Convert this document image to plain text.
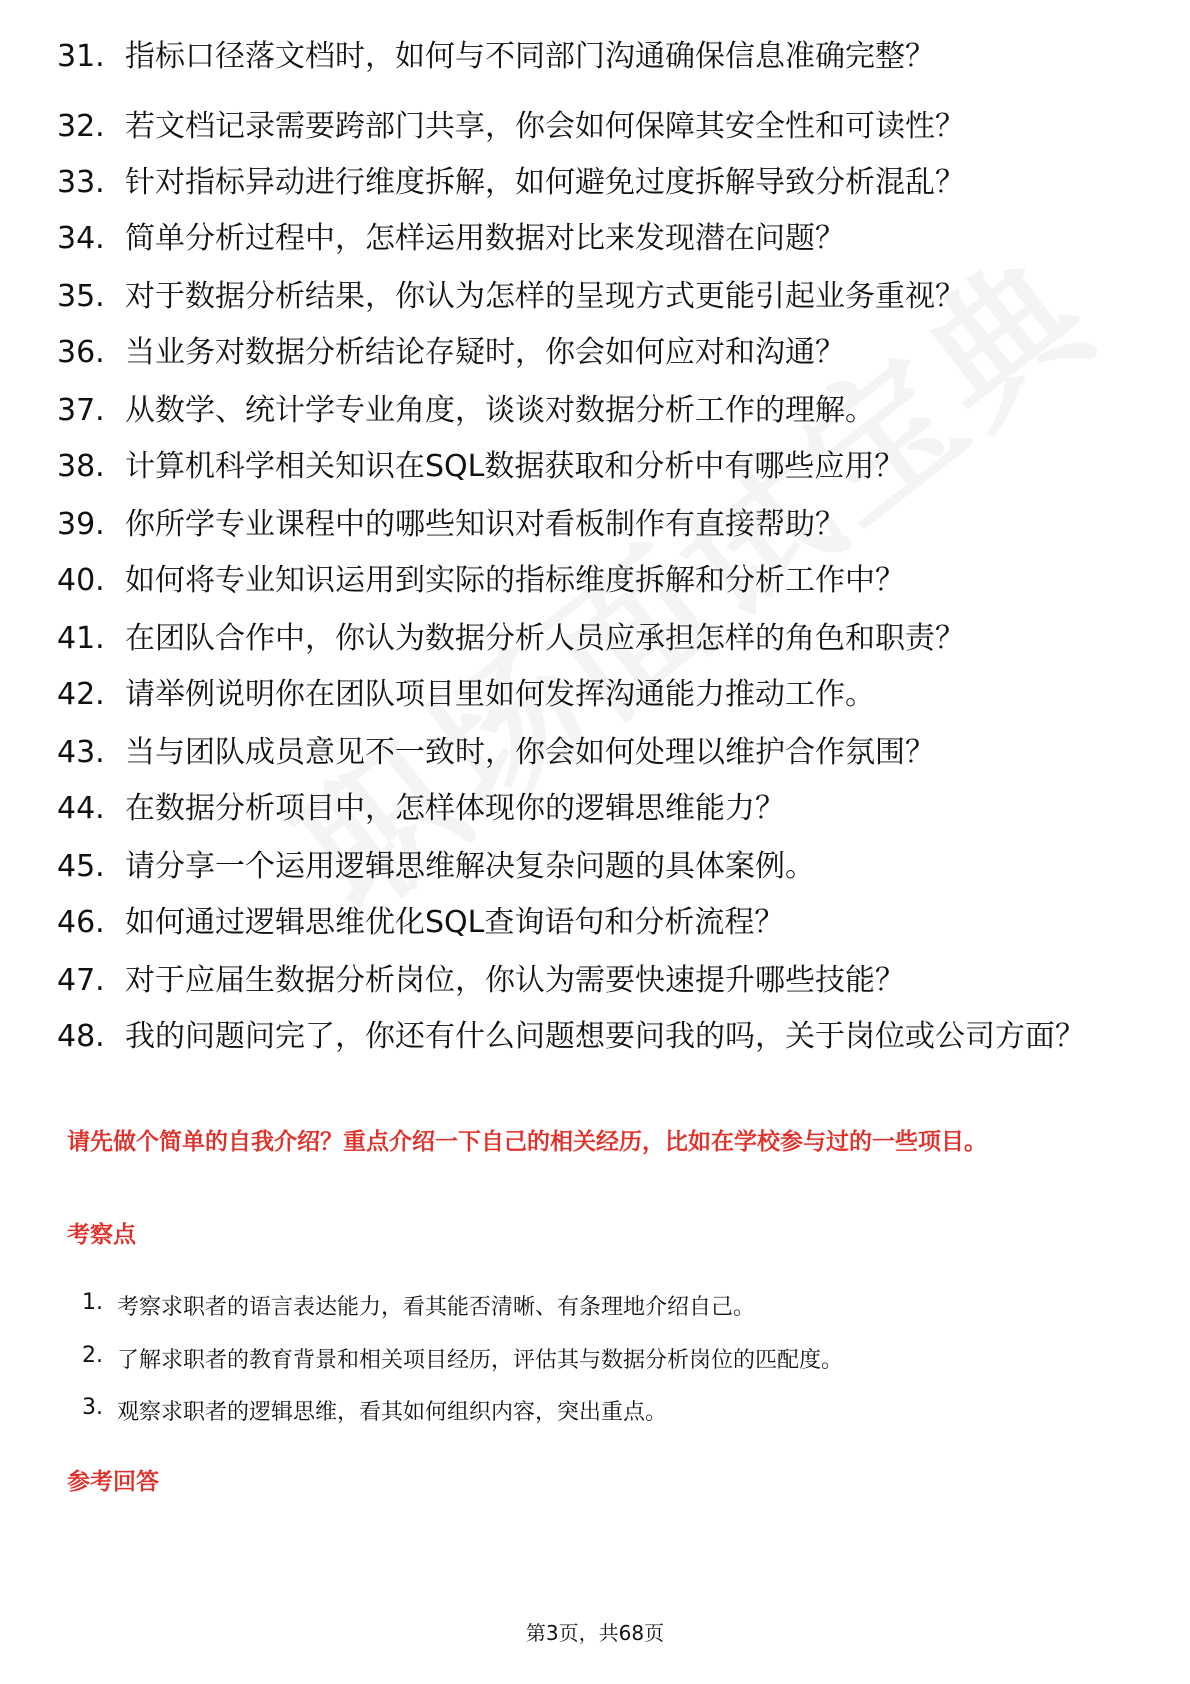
31. 指标口径落文档时，如何与不同部门沟通确保信息准确完整？
32. 若文档记录需要跨部门共享，你会如何保障其安全性和可读性？
33. 针对指标异动进行维度拆解，如何避免过度拆解导致分析混乱？
34. 简单分析过程中，怎样运用数据对比来发现潜在问题？
35. 对于数据分析结果，你认为怎样的呈现方式更能引起业务重视？
36. 当业务对数据分析结论存疑时，你会如何应对和沟通？
37. 从数学、统计学专业角度，谈谈对数据分析工作的理解。
38. 计算机科学相关知识在SQL数据获取和分析中有哪些应用？
39. 你所学专业课程中的哪些知识对看板制作有直接帮助？
40. 如何将专业知识运用到实际的指标维度拆解和分析工作中？
41. 在团队合作中，你认为数据分析人员应承担怎样的角色和职责？
42. 请举例说明你在团队项目里如何发挥沟通能力推动工作。
43. 当与团队成员意见不一致时，你会如何处理以维护合作氛围？
44. 在数据分析项目中，怎样体现你的逻辑思维能力？
45. 请分享一个运用逻辑思维解决复杂问题的具体案例。
46. 如何通过逻辑思维优化SQL查询语句和分析流程？
47. 对于应届生数据分析岗位，你认为需要快速提升哪些技能？
48. 我的问题问完了，你还有什么问题想要问我的吗，关于岗位或公司方面？
请先做个简单的自我介绍？重点介绍一下自己的相关经历，比如在学校参与过的一些项目。
考察点
1. 考察求职者的语言表达能力，看其能否清晰、有条理地介绍自己。
2. 了解求职者的教育背景和相关项目经历，评估其与数据分析岗位的匹配度。
3. 观察求职者的逻辑思维，看其如何组织内容，突出重点。
参考回答
第3页，共68页
